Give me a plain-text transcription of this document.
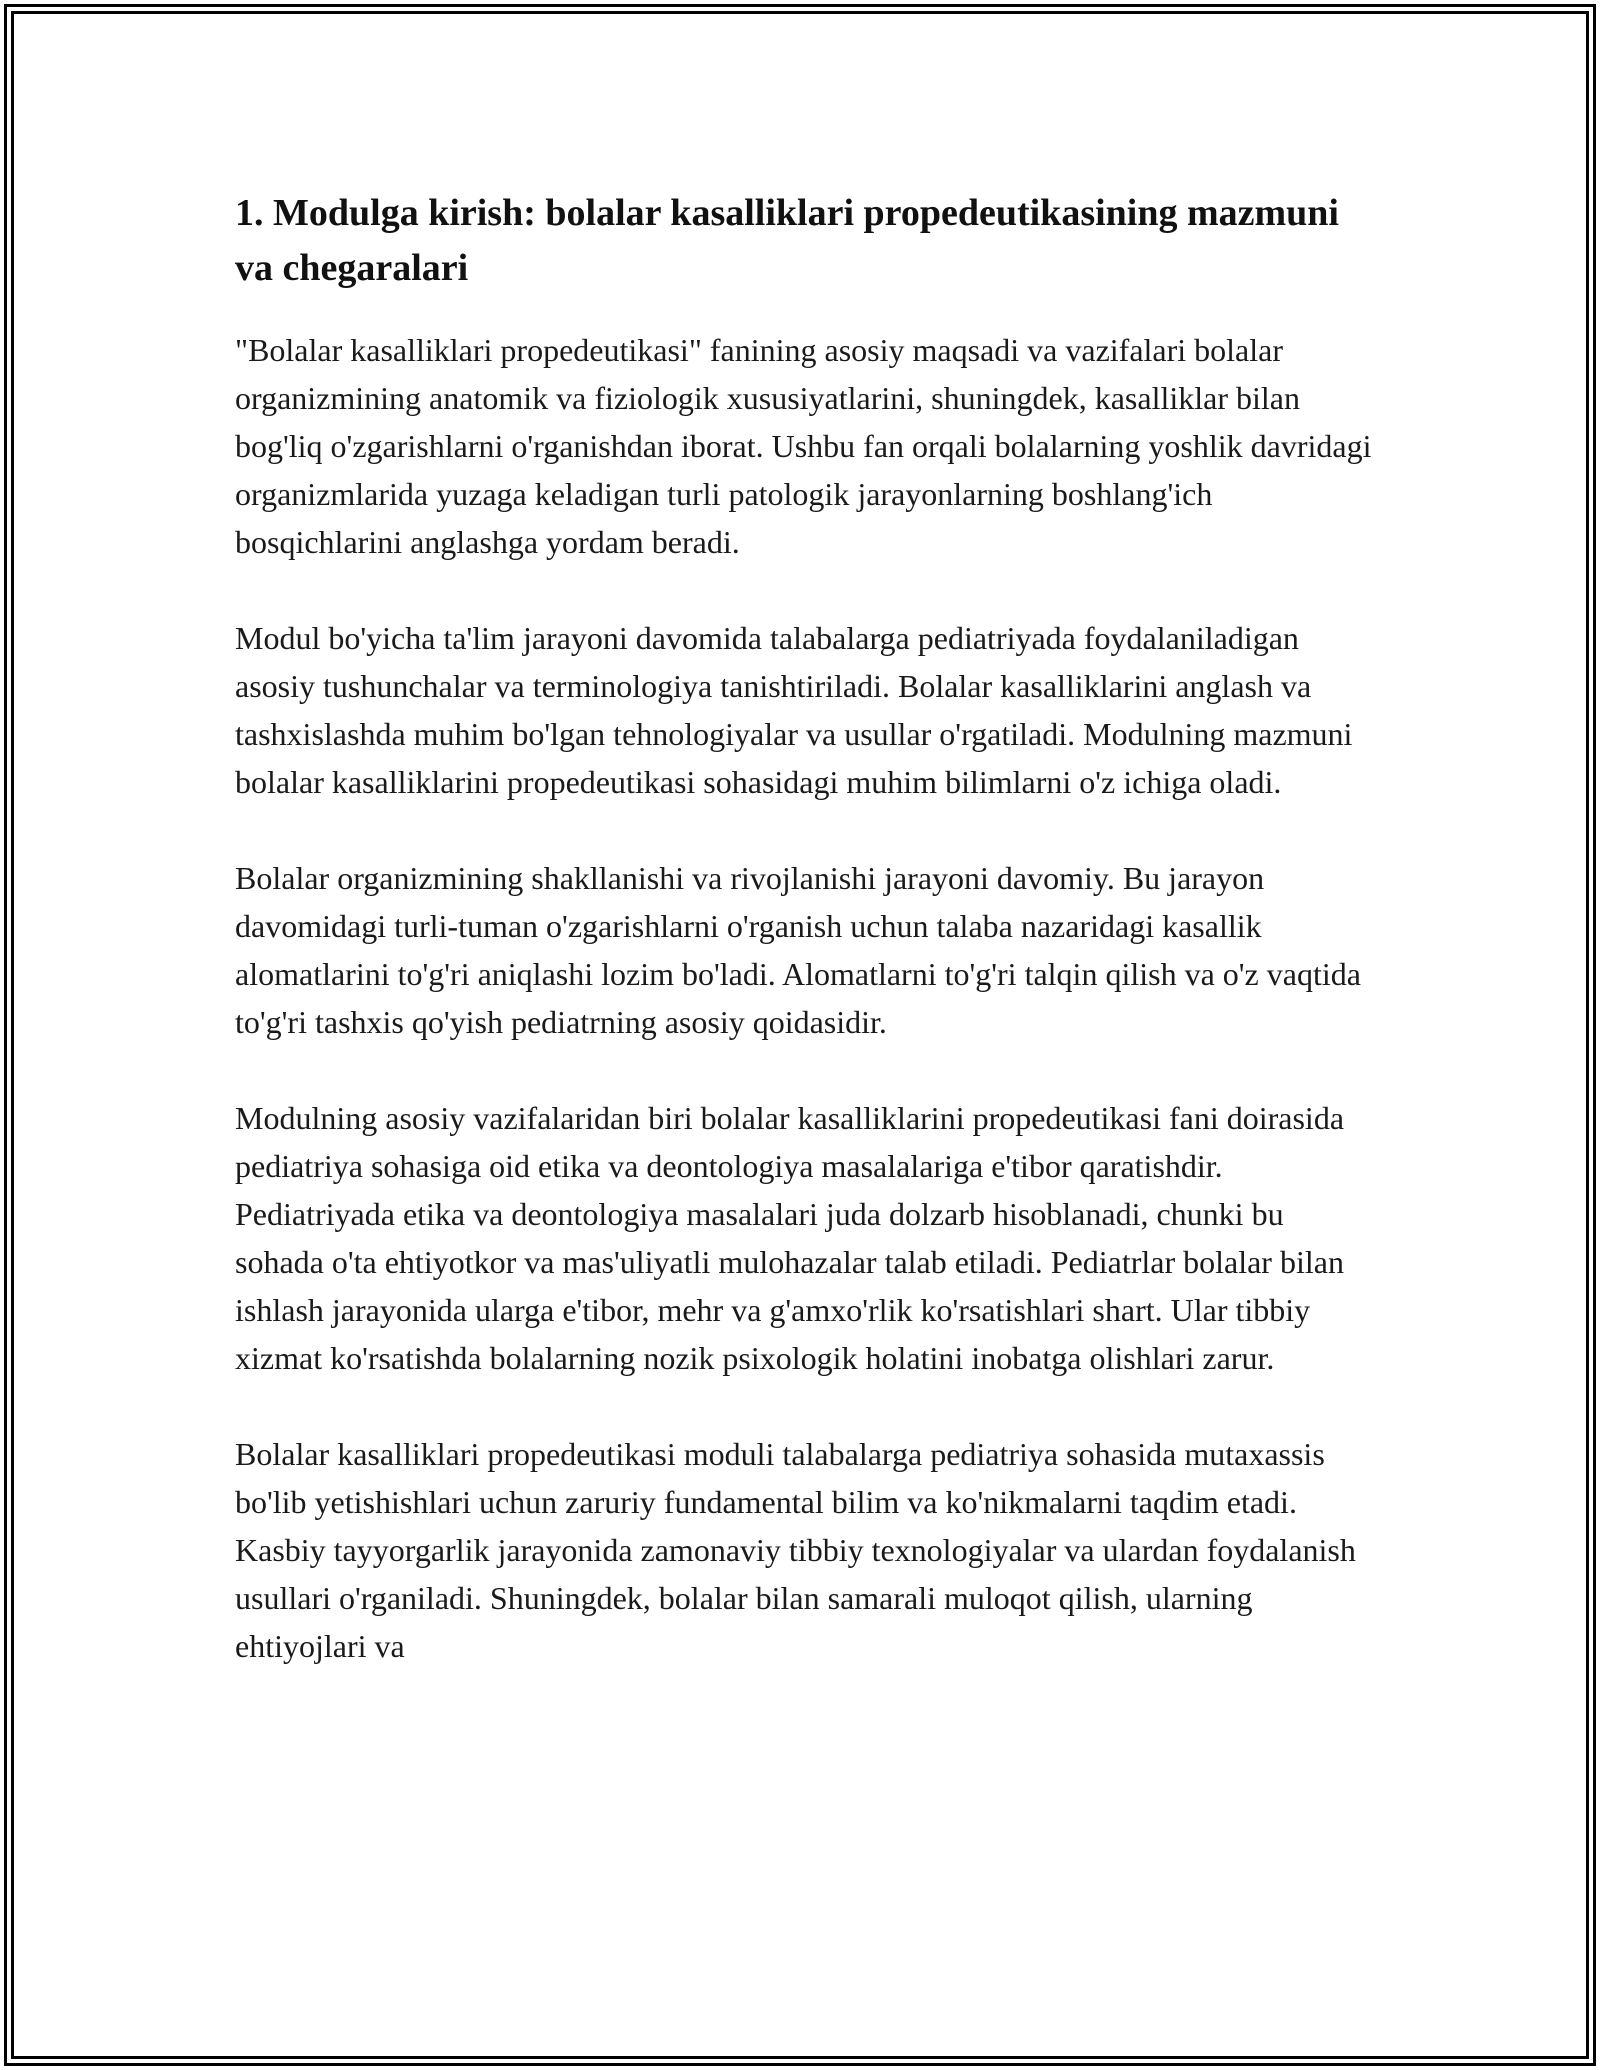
1. Modulga kirish: bolalar kasalliklari propedeutikasining mazmuni va chegaralari

"Bolalar kasalliklari propedeutikasi" fanining asosiy maqsadi va vazifalari bolalar organizmining anatomik va fiziologik xususiyatlarini, shuningdek, kasalliklar bilan bog'liq o'zgarishlarni o'rganishdan iborat. Ushbu fan orqali bolalarning yoshlik davridagi organizmlarida yuzaga keladigan turli patologik jarayonlarning boshlang'ich bosqichlarini anglashga yordam beradi.

Modul bo'yicha ta'lim jarayoni davomida talabalarga pediatriyada foydalaniladigan asosiy tushunchalar va terminologiya tanishtiriladi. Bolalar kasalliklarini anglash va tashxislashda muhim bo'lgan tehnologiyalar va usullar o'rgatiladi. Modulning mazmuni bolalar kasalliklarini propedeutikasi sohasidagi muhim bilimlarni o'z ichiga oladi.

Bolalar organizmining shakllanishi va rivojlanishi jarayoni davomiy. Bu jarayon davomidagi turli-tuman o'zgarishlarni o'rganish uchun talaba nazaridagi kasallik alomatlarini to'g'ri aniqlashi lozim bo'ladi. Alomatlarni to'g'ri talqin qilish va o'z vaqtida to'g'ri tashxis qo'yish pediatrning asosiy qoidasidir.

Modulning asosiy vazifalaridan biri bolalar kasalliklarini propedeutikasi fani doirasida pediatriya sohasiga oid etika va deontologiya masalalariga e'tibor qaratishdir. Pediatriyada etika va deontologiya masalalari juda dolzarb hisoblanadi, chunki bu sohada o'ta ehtiyotkor va mas'uliyatli mulohazalar talab etiladi. Pediatrlar bolalar bilan ishlash jarayonida ularga e'tibor, mehr va g'amxo'rlik ko'rsatishlari shart. Ular tibbiy xizmat ko'rsatishda bolalarning nozik psixologik holatini inobatga olishlari zarur.

Bolalar kasalliklari propedeutikasi moduli talabalarga pediatriya sohasida mutaxassis bo'lib yetishishlari uchun zaruriy fundamental bilim va ko'nikmalarni taqdim etadi. Kasbiy tayyorgarlik jarayonida zamonaviy tibbiy texnologiyalar va ulardan foydalanish usullari o'rganiladi. Shuningdek, bolalar bilan samarali muloqot qilish, ularning ehtiyojlari va
